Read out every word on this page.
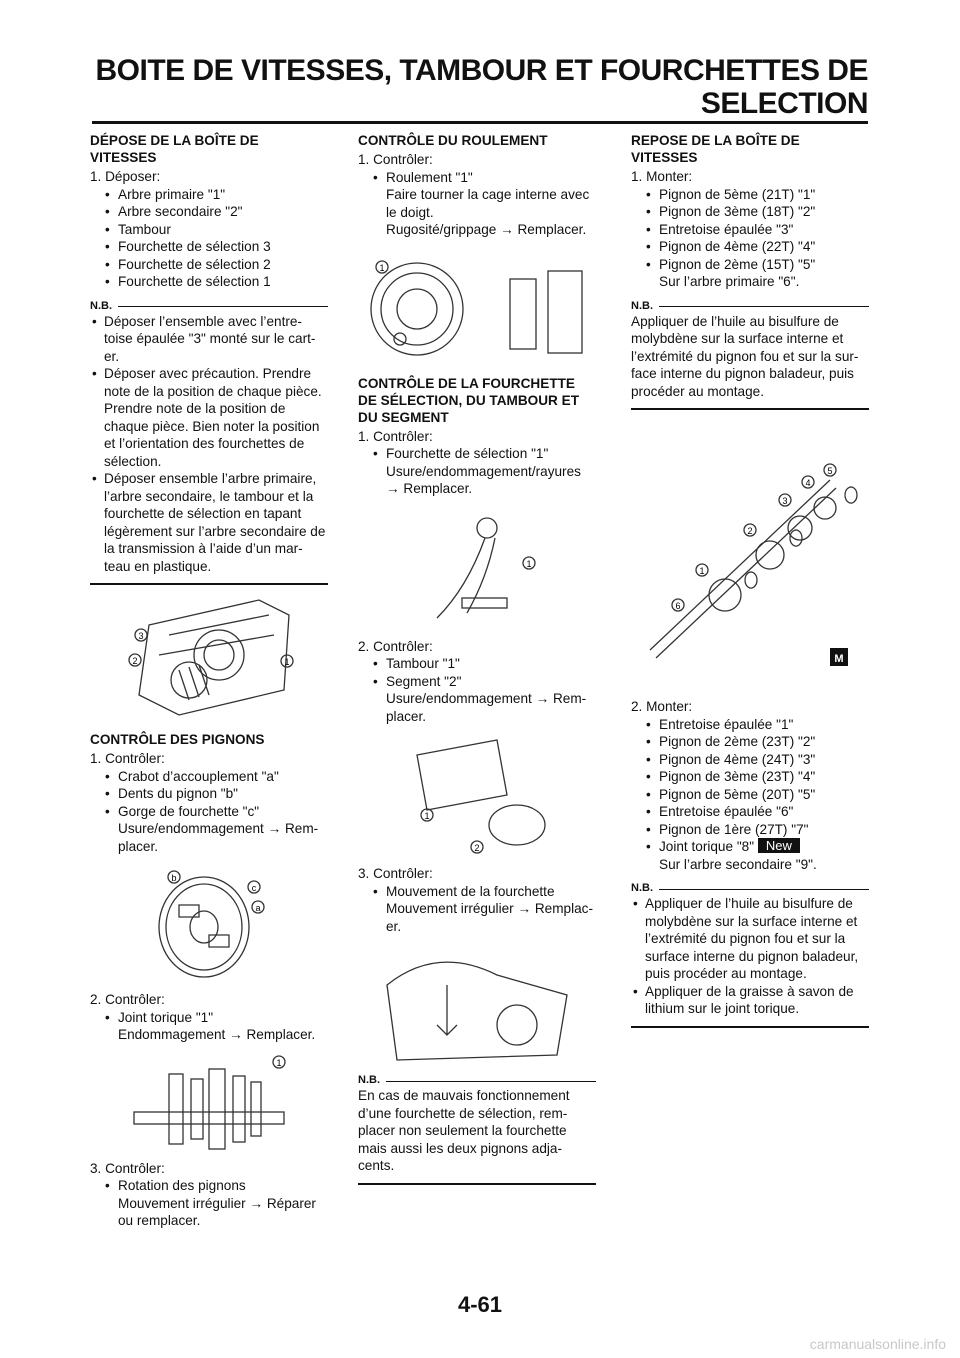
BOITE DE VITESSES, TAMBOUR ET FOURCHETTES DE
SELECTION
DÉPOSE DE LA BOÎTE DE VITESSES
1. Déposer:
• Arbre primaire "1"
• Arbre secondaire "2"
• Tambour
• Fourchette de sélection 3
• Fourchette de sélection 2
• Fourchette de sélection 1
N.B.
• Déposer l’ensemble avec l’entre-toise épaulée "3" monté sur le cart-er.
• Déposer avec précaution. Prendre note de la position de chaque pièce. Prendre note de la position de chaque pièce. Bien noter la position et l’orientation des fourchettes de sélection.
• Déposer ensemble l’arbre primaire, l’arbre secondaire, le tambour et la fourchette de sélection en tapant légèrement sur l’arbre secondaire de la transmission à l’aide d’un mar-teau en plastique.
3
2	1
CONTRÔLE DES PIGNONS
1. Contrôler:
• Crabot d’accouplement "a"
• Dents du pignon "b"
• Gorge de fourchette "c"
Usure/endommagement → Rem-placer.
b
c
a
2. Contrôler:
• Joint torique "1"
Endommagement → Remplacer.
1
3. Contrôler:
• Rotation des pignons
Mouvement irrégulier → Réparer ou remplacer.
CONTRÔLE DU ROULEMENT
1. Contrôler:
• Roulement "1"
Faire tourner la cage interne avec le doigt.
Rugosité/grippage → Remplacer.
1
CONTRÔLE DE LA FOURCHETTE DE SÉLECTION, DU TAMBOUR ET DU SEGMENT
1. Contrôler:
• Fourchette de sélection "1"
Usure/endommagement/rayures → Remplacer.
1
2. Contrôler:
• Tambour "1"
• Segment "2"
Usure/endommagement → Rem-placer.
1
2
3. Contrôler:
• Mouvement de la fourchette
Mouvement irrégulier → Remplac-er.
N.B.
En cas de mauvais fonctionnement d’une fourchette de sélection, rem-placer non seulement la fourchette mais aussi les deux pignons adja-cents.
REPOSE DE LA BOÎTE DE VITESSES
1. Monter:
• Pignon de 5ème (21T) "1"
• Pignon de 3ème (18T) "2"
• Entretoise épaulée "3"
• Pignon de 4ème (22T) "4"
• Pignon de 2ème (15T) "5"
Sur l’arbre primaire "6".
N.B.
Appliquer de l’huile au bisulfure de molybdène sur la surface interne et l’extrémité du pignon fou et sur la sur-face interne du pignon baladeur, puis procéder au montage.
M
1
2
3
4
5
6
2. Monter:
• Entretoise épaulée "1"
• Pignon de 2ème (23T) "2"
• Pignon de 4ème (24T) "3"
• Pignon de 3ème (23T) "4"
• Pignon de 5ème (20T) "5"
• Entretoise épaulée "6"
• Pignon de 1ère (27T) "7"
• Joint torique "8" New
Sur l’arbre secondaire "9".
N.B.
• Appliquer de l’huile au bisulfure de molybdène sur la surface interne et l’extrémité du pignon fou et sur la surface interne du pignon baladeur, puis procéder au montage.
• Appliquer de la graisse à savon de lithium sur le joint torique.
4-61
carmanualsonline.info
